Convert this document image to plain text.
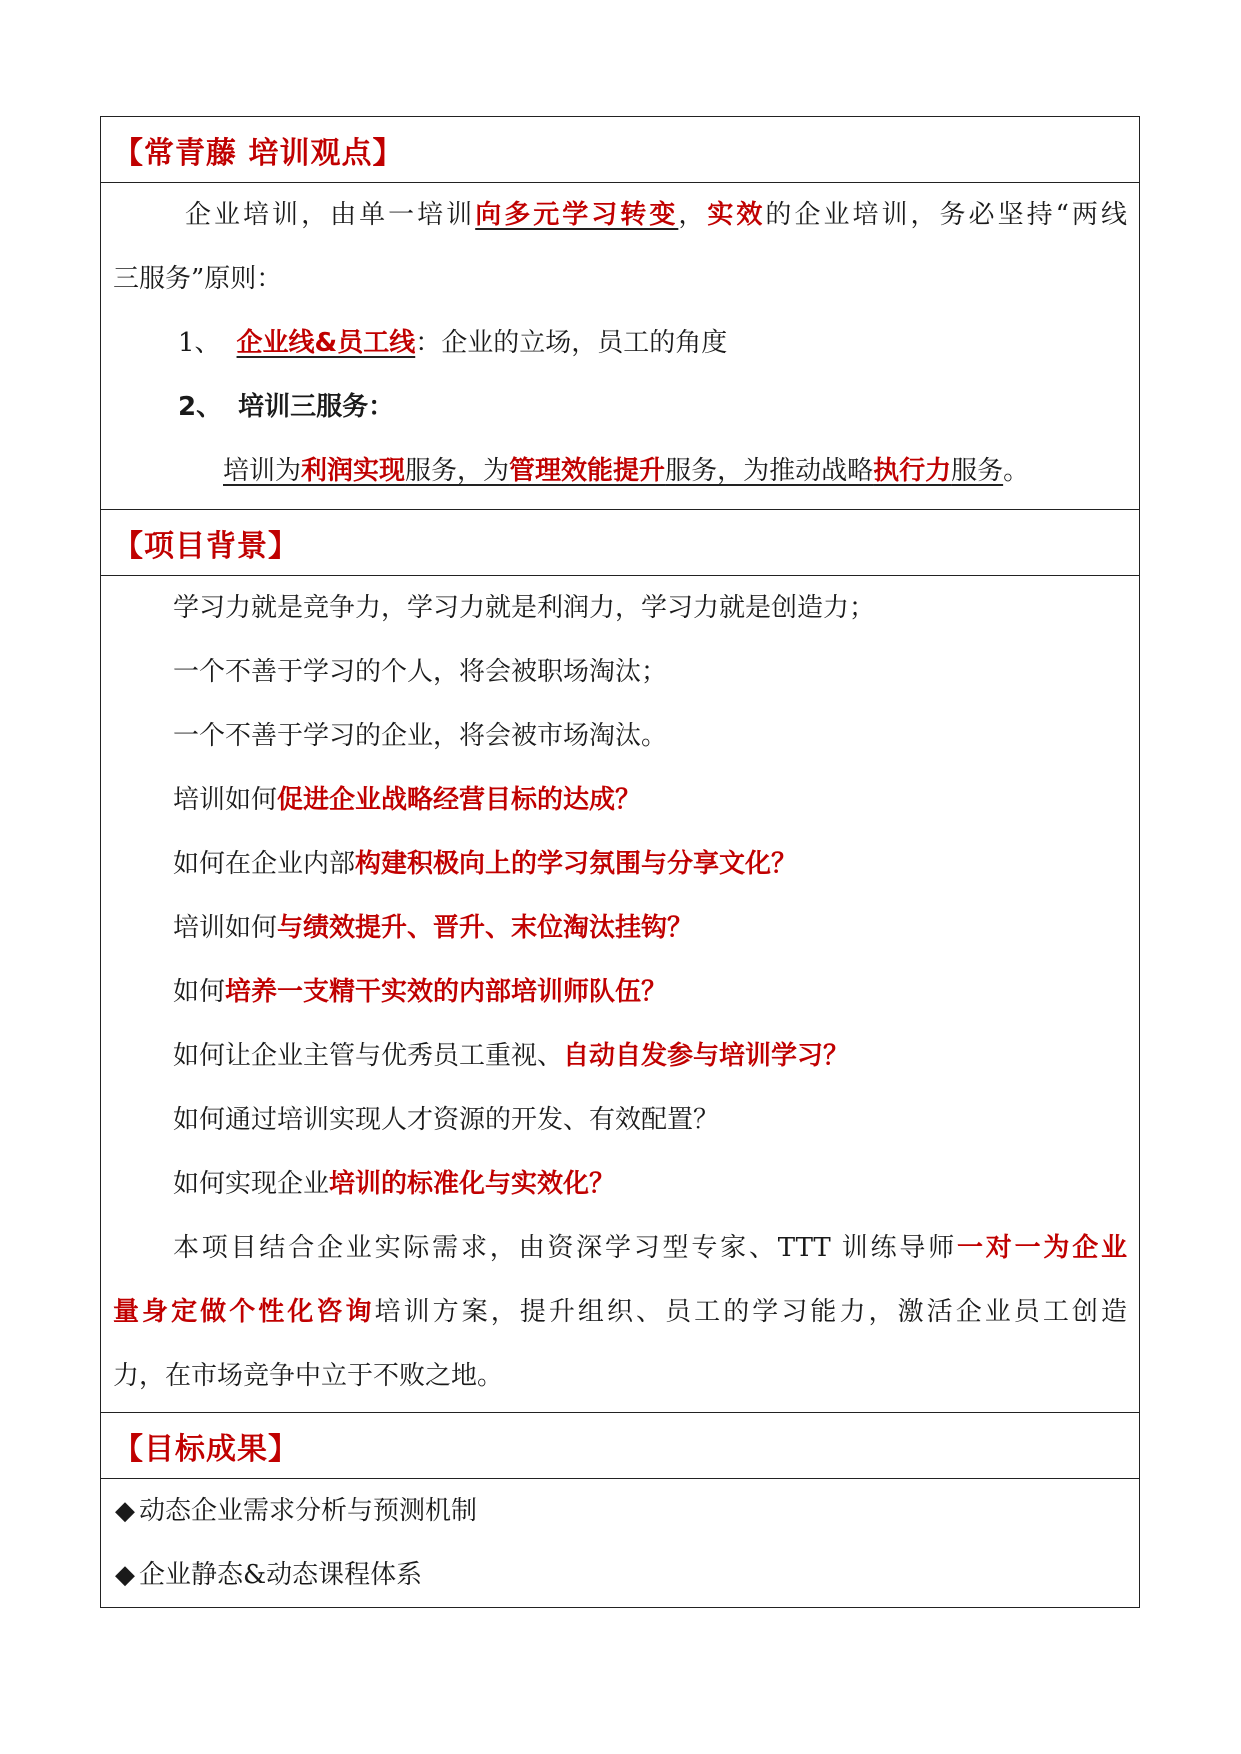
【常青藤 培训观点】
企业培训，由单一培训向多元学习转变，实效的企业培训，务必坚持“两线
三服务”原则：
1、 企业线&员工线：企业的立场，员工的角度
2、 培训三服务：
培训为利润实现服务，为管理效能提升服务，为推动战略执行力服务。
【项目背景】
学习力就是竞争力，学习力就是利润力，学习力就是创造力；
一个不善于学习的个人，将会被职场淘汰；
一个不善于学习的企业，将会被市场淘汰。
培训如何促进企业战略经营目标的达成？
如何在企业内部构建积极向上的学习氛围与分享文化？
培训如何与绩效提升、晋升、末位淘汰挂钩？
如何培养一支精干实效的内部培训师队伍？
如何让企业主管与优秀员工重视、自动自发参与培训学习？
如何通过培训实现人才资源的开发、有效配置？
如何实现企业培训的标准化与实效化？
本项目结合企业实际需求，由资深学习型专家、TTT 训练导师一对一为企业
量身定做个性化咨询培训方案，提升组织、员工的学习能力，激活企业员工创造
力，在市场竞争中立于不败之地。
【目标成果】
◆ 动态企业需求分析与预测机制
◆ 企业静态&动态课程体系
